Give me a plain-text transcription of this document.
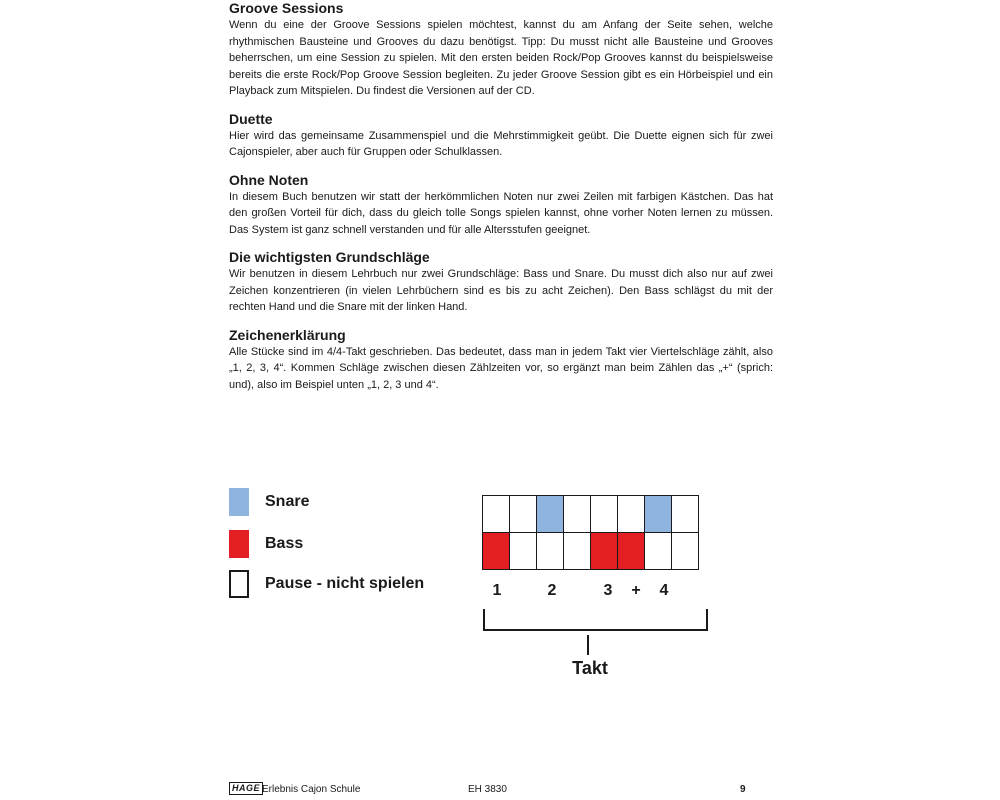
Groove Sessions

Wenn du eine der Groove Sessions spielen möchtest, kannst du am Anfang der Seite sehen, welche rhythmischen Bausteine und Grooves du dazu benötigst. Tipp: Du musst nicht alle Bausteine und Grooves beherrschen, um eine Session zu spielen. Mit den ersten beiden Rock/Pop Grooves kannst du beispielsweise bereits die erste Rock/Pop Groove Session begleiten. Zu jeder Groove Session gibt es ein Hörbeispiel und ein Playback zum Mitspielen. Du findest die Versionen auf der CD.

Duette

Hier wird das gemeinsame Zusammenspiel und die Mehrstimmigkeit geübt. Die Duette eignen sich für zwei Cajonspieler, aber auch für Gruppen oder Schulklassen.

Ohne Noten

In diesem Buch benutzen wir statt der herkömmlichen Noten nur zwei Zeilen mit farbigen Kästchen. Das hat den großen Vorteil für dich, dass du gleich tolle Songs spielen kannst, ohne vorher Noten lernen zu müssen. Das System ist ganz schnell verstanden und für alle Altersstufen geeignet.

Die wichtigsten Grundschläge

Wir benutzen in diesem Lehrbuch nur zwei Grundschläge: Bass und Snare. Du musst dich also nur auf zwei Zeichen konzentrieren (in vielen Lehrbüchern sind es bis zu acht Zeichen). Den Bass schlägst du mit der rechten Hand und die Snare mit der linken Hand.

Zeichenerklärung

Alle Stücke sind im 4/4-Takt geschrieben. Das bedeutet, dass man in jedem Takt vier Viertelschläge zählt, also „1, 2, 3, 4“. Kommen Schläge zwischen diesen Zählzeiten vor, so ergänzt man beim Zählen das „+“ (sprich: und), also im Beispiel unten „1, 2, 3 und 4“.

Snare
Bass
Pause - nicht spielen	1	2	3	+	4
Takt
HAGE Erlebnis Cajon Schule	EH 3830	9
